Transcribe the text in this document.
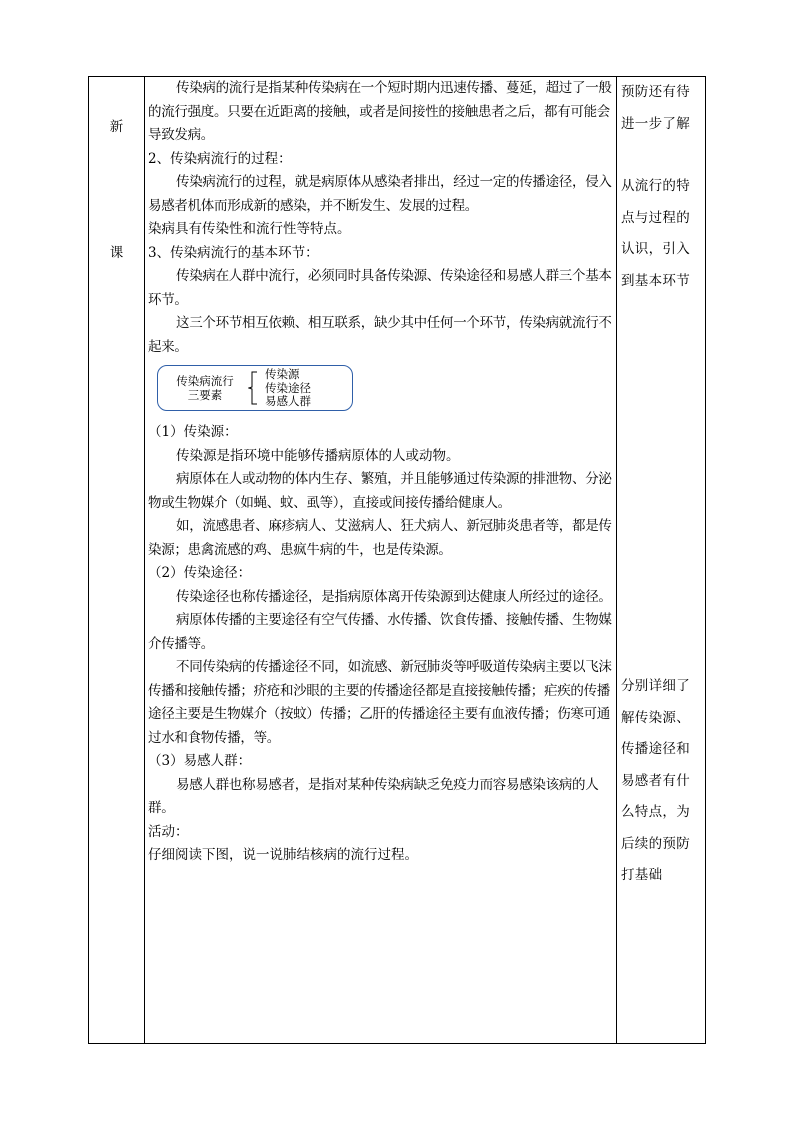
新
课

传染病的流行是指某种传染病在一个短时期内迅速传播、蔓延，超过了一般的流行强度。只要在近距离的接触，或者是间接性的接触患者之后，都有可能会导致发病。

2、传染病流行的过程：

传染病流行的过程，就是病原体从感染者排出，经过一定的传播途径，侵入易感者机体而形成新的感染，并不断发生、发展的过程。

染病具有传染性和流行性等特点。

3、传染病流行的基本环节：

传染病在人群中流行，必须同时具备传染源、传染途径和易感人群三个基本环节。

这三个环节相互依赖、相互联系，缺少其中任何一个环节，传染病就流行不起来。

传染病流行
三要素
传染源
传染途径
易感人群

（1）传染源：

传染源是指环境中能够传播病原体的人或动物。

病原体在人或动物的体内生存、繁殖，并且能够通过传染源的排泄物、分泌物或生物媒介（如蝇、蚊、虱等），直接或间接传播给健康人。

如，流感患者、麻疹病人、艾滋病人、狂犬病人、新冠肺炎患者等，都是传染源；患禽流感的鸡、患疯牛病的牛，也是传染源。

（2）传染途径：

传染途径也称传播途径，是指病原体离开传染源到达健康人所经过的途径。

病原体传播的主要途径有空气传播、水传播、饮食传播、接触传播、生物媒介传播等。

不同传染病的传播途径不同，如流感、新冠肺炎等呼吸道传染病主要以飞沫传播和接触传播；疥疮和沙眼的主要的传播途径都是直接接触传播；疟疾的传播途径主要是生物媒介（按蚊）传播；乙肝的传播途径主要有血液传播；伤寒可通过水和食物传播，等。

（3）易感人群：

易感人群也称易感者，是指对某种传染病缺乏免疫力而容易感染该病的人群。

活动：

仔细阅读下图，说一说肺结核病的流行过程。

预防还有待

进一步了解

从流行的特

点与过程的

认识，引入

到基本环节

分别详细了

解传染源、

传播途径和

易感者有什

么特点，为

后续的预防

打基础
